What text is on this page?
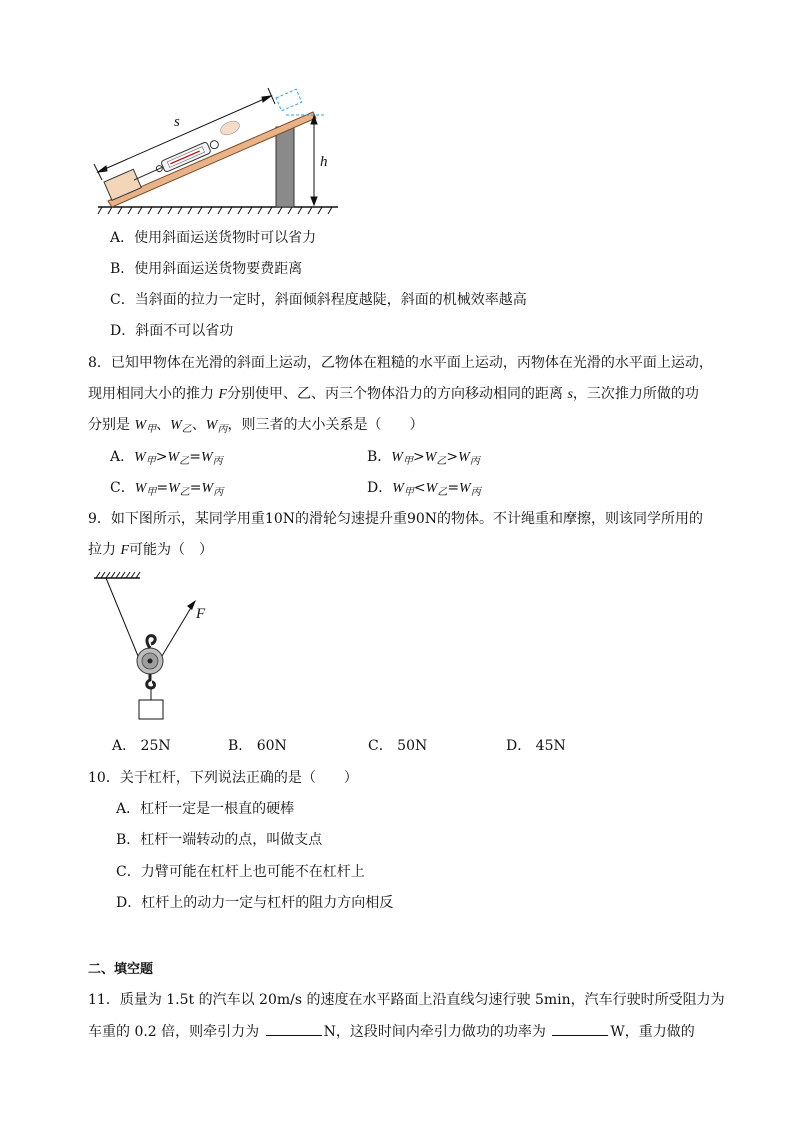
s
h
A．使用斜面运送货物时可以省力
B．使用斜面运送货物要费距离
C．当斜面的拉力一定时，斜面倾斜程度越陡，斜面的机械效率越高
D．斜面不可以省功
8．已知甲物体在光滑的斜面上运动，乙物体在粗糙的水平面上运动，丙物体在光滑的水平面上运动，
现用相同大小的推力 F分别使甲、乙、丙三个物体沿力的方向移动相同的距离 s，三次推力所做的功
分别是 $W_甲$、$W_乙$、$W_丙$，则三者的大小关系是（　　）
A．$W_甲>W_乙=W_丙$	B．$W_甲>W_乙>W_丙$
C．$W_甲=W_乙=W_丙$	D．$W_甲<W_乙=W_丙$
9．如下图所示，某同学用重10N的滑轮匀速提升重90N的物体。不计绳重和摩擦，则该同学所用的
拉力 F可能为（　）
F
A． 25N	B． 60N	C． 50N	D． 45N
10．关于杠杆，下列说法正确的是（　　）
A．杠杆一定是一根直的硬棒
B．杠杆一端转动的点，叫做支点
C．力臂可能在杠杆上也可能不在杠杆上
D．杠杆上的动力一定与杠杆的阻力方向相反
二、填空题
11．质量为 1.5t 的汽车以 20m/s 的速度在水平路面上沿直线匀速行驶 5min，汽车行驶时所受阻力为
车重的 0.2 倍，则牵引力为	N，这段时间内牵引力做功的功率为	W，重力做的
